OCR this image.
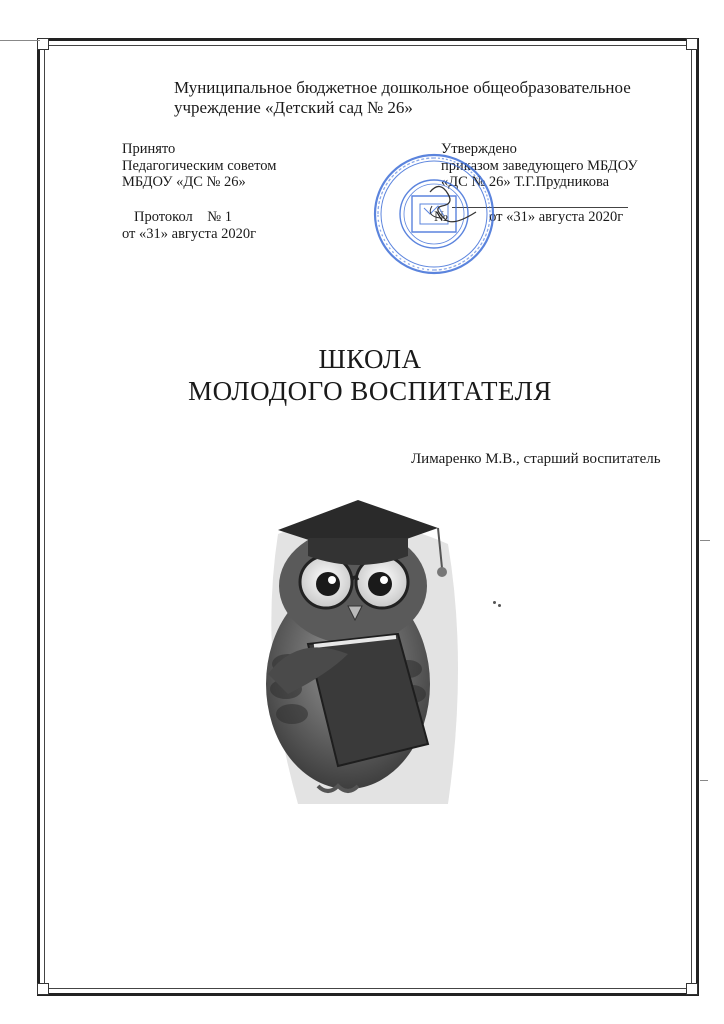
Муниципальное бюджетное дошкольное общеобразовательное
учреждение «Детский сад № 26»
Принято
Педагогическим советом
МБДОУ «ДС № 26»
Протокол    № 1
от «31» августа 2020г
Утверждено
приказом заведующего МБДОУ
«ДС № 26» Т.Г.Прудникова
№	от «31» августа 2020г
ШКОЛА
МОЛОДОГО ВОСПИТАТЕЛЯ
Лимаренко М.В., старший воспитатель
